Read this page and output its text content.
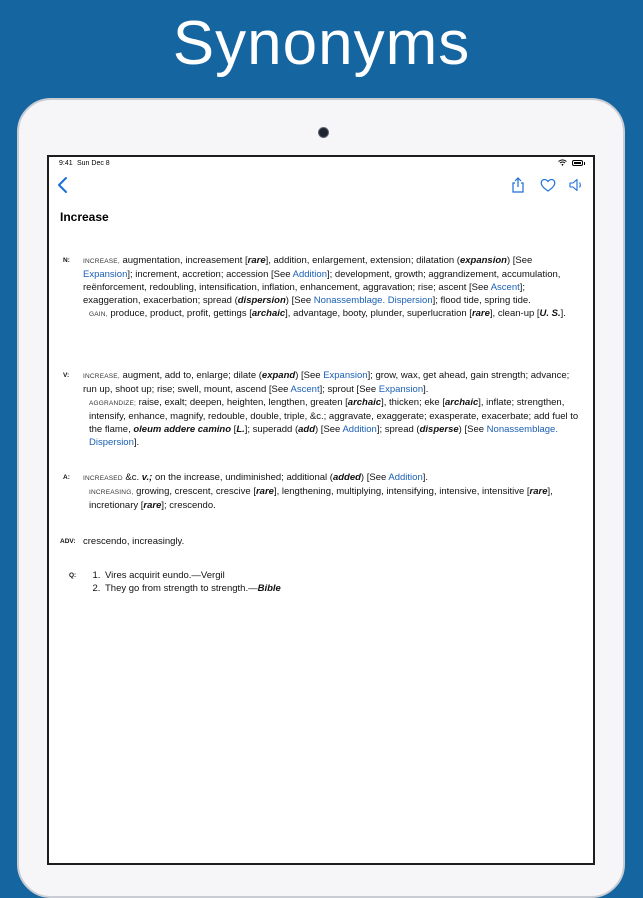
Synonyms
9:41 Sun Dec 8
Increase
N: INCREASE, augmentation, increasement [rare], addition, enlargement, extension; dilatation (expansion) [See Expansion]; increment, accretion; accession [See Addition]; development, growth; aggrandizement, accumulation, reënforcement, redoubling, intensification, inflation, enhancement, aggravation; rise; ascent [See Ascent]; exaggeration, exacerbation; spread (dispersion) [See Nonassemblage. Dispersion]; flood tide, spring tide.
GAIN, produce, product, profit, gettings [archaic], advantage, booty, plunder, superlucration [rare], clean-up [U. S.].
V: INCREASE, augment, add to, enlarge; dilate (expand) [See Expansion]; grow, wax, get ahead, gain strength; advance; run up, shoot up; rise; swell, mount, ascend [See Ascent]; sprout [See Expansion].
AGGRANDIZE; raise, exalt; deepen, heighten, lengthen, greaten [archaic], thicken; eke [archaic], inflate; strengthen, intensify, enhance, magnify, redouble, double, triple, &c.; aggravate, exaggerate; exasperate, exacerbate; add fuel to the flame, oleum addere camino [L.]; superadd (add) [See Addition]; spread (disperse) [See Nonassemblage. Dispersion].
A: INCREASED &c. v.; on the increase, undiminished; additional (added) [See Addition].
INCREASING, growing, crescent, crescive [rare], lengthening, multiplying, intensifying, intensive, intensitive [rare], incretionary [rare]; crescendo.
ADV: crescendo, increasingly.
Q:
1.	Vires acquirit eundo.—Vergil
2. They go from strength to strength.—Bible
